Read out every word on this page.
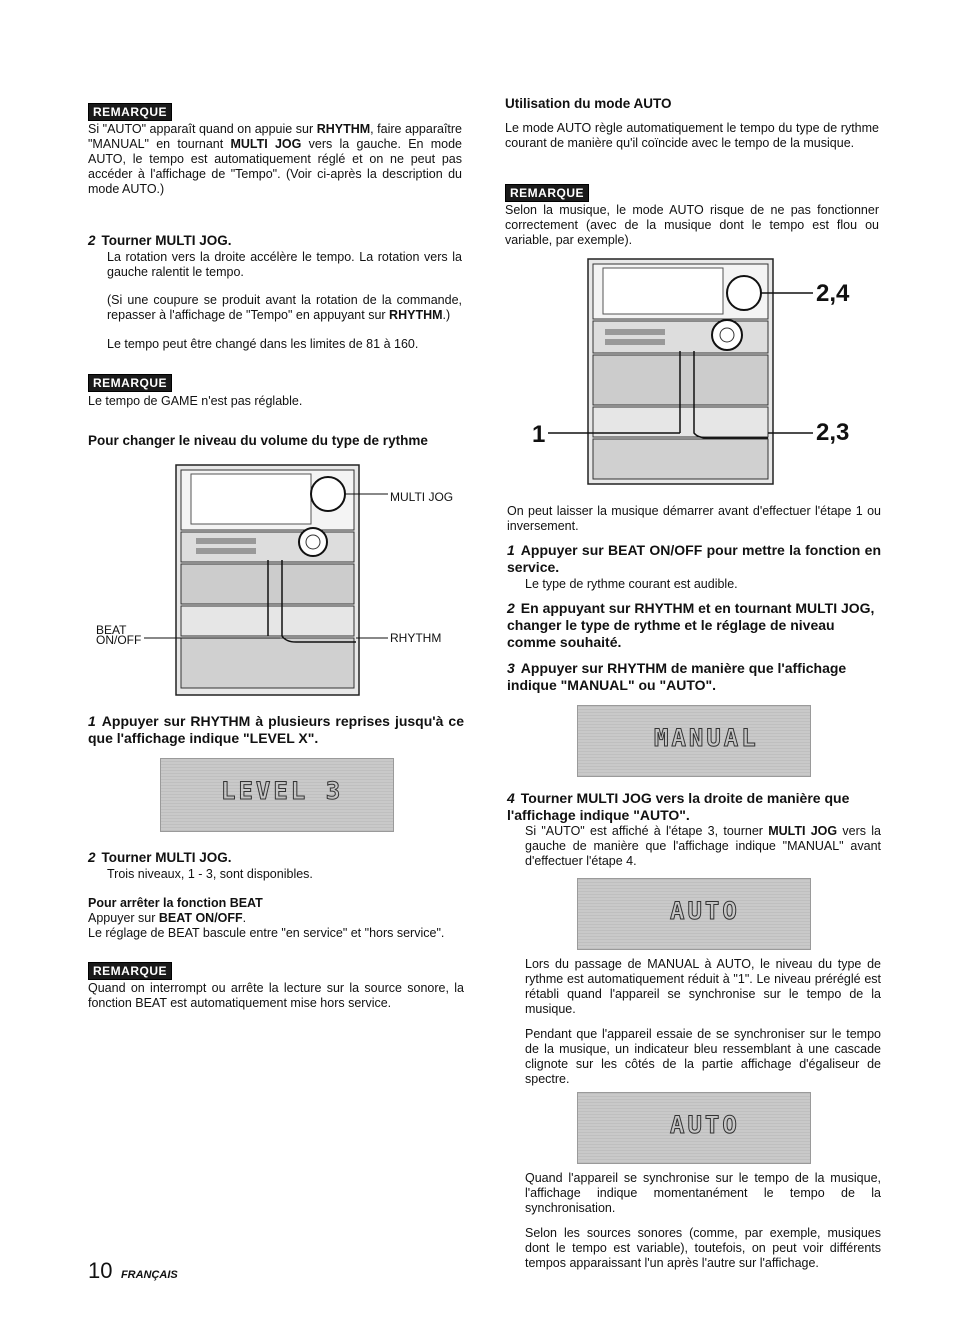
REMARQUE

Si "AUTO" apparaît quand on appuie sur RHYTHM, faire apparaître "MANUAL" en tournant MULTI JOG vers la gauche. En mode AUTO, le tempo est automatiquement réglé et on ne peut pas accéder à l'affichage de "Tempo". (Voir ci-après la description du mode AUTO.)

2 Tourner MULTI JOG.

La rotation vers la droite accélère le tempo. La rotation vers la gauche ralentit le tempo.

(Si une coupure se produit avant la rotation de la commande, repasser à l'affichage de "Tempo" en appuyant sur RHYTHM.)

Le tempo peut être changé dans les limites de 81 à 160.

REMARQUE

Le tempo de GAME n'est pas réglable.

Pour changer le niveau du volume du type de rythme
MULTI JOG
BEAT
ON/OFF	RHYTHM
1 Appuyer sur RHYTHM à plusieurs reprises jusqu'à ce que l'affichage indique "LEVEL X".
LEVEL 3
2 Tourner MULTI JOG.

Trois niveaux, 1 - 3, sont disponibles.

Pour arrêter la fonction BEAT

Appuyer sur BEAT ON/OFF.

Le réglage de BEAT bascule entre "en service" et "hors service".

REMARQUE

Quand on interrompt ou arrête la lecture sur la source sonore, la fonction BEAT est automatiquement mise hors service.

Utilisation du mode AUTO

Le mode AUTO règle automatiquement le tempo du type de rythme courant de manière qu'il coïncide avec le tempo de la musique.

REMARQUE

Selon la musique, le mode AUTO risque de ne pas fonctionner correctement (avec de la musique dont le tempo est flou ou variable, par exemple).

2,4
1	2,3

On peut laisser la musique démarrer avant d'effectuer l'étape 1 ou inversement.

1 Appuyer sur BEAT ON/OFF pour mettre la fonction en service.

Le type de rythme courant est audible.

2 En appuyant sur RHYTHM et en tournant MULTI JOG, changer le type de rythme et le réglage de niveau comme souhaité.
3 Appuyer sur RHYTHM de manière que l'affichage indique "MANUAL" ou "AUTO".
MANUAL
4 Tourner MULTI JOG vers la droite de manière que l'affichage indique "AUTO".

Si "AUTO" est affiché à l'étape 3, tourner MULTI JOG vers la gauche de manière que l'affichage indique "MANUAL" avant d'effectuer l'étape 4.

AUTO

Lors du passage de MANUAL à AUTO, le niveau du type de rythme est automatiquement réduit à "1". Le niveau préréglé est rétabli quand l'appareil se synchronise sur le tempo de la musique.

Pendant que l'appareil essaie de se synchroniser sur le tempo de la musique, un indicateur bleu ressemblant à une cascade clignote sur les côtés de la partie affichage d'égaliseur de spectre.

AUTO

Quand l'appareil se synchronise sur le tempo de la musique, l'affichage indique momentanément le tempo de la synchronisation.

Selon les sources sonores (comme, par exemple, musiques dont le tempo est variable), toutefois, on peut voir différents tempos apparaissant l'un après l'autre sur l'affichage.

10 FRANÇAIS
